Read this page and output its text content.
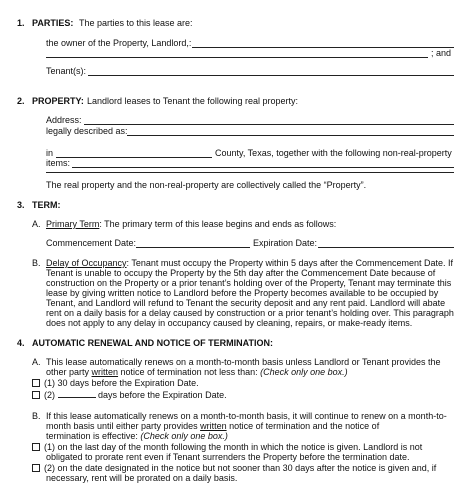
1. PARTIES: The parties to this lease are:
the owner of the Property, Landlord,:
; and
Tenant(s):
2. PROPERTY: Landlord leases to Tenant the following real property:
Address:
legally described as:
in	County, Texas, together with the following non-real-property
items:
The real property and the non-real-property are collectively called the “Property”.
3. TERM:
A. Primary Term: The primary term of this lease begins and ends as follows:
Commencement Date:	Expiration Date:
B. Delay of Occupancy: Tenant must occupy the Property within 5 days after the Commencement Date. If
Tenant is unable to occupy the Property by the 5th day after the Commencement Date because of
construction on the Property or a prior tenant’s holding over of the Property, Tenant may terminate this
lease by giving written notice to Landlord before the Property becomes available to be occupied by
Tenant, and Landlord will refund to Tenant the security deposit and any rent paid. Landlord will abate
rent on a daily basis for a delay caused by construction or a prior tenant’s holding over. This paragraph
does not apply to any delay in occupancy caused by cleaning, repairs, or make-ready items.
4. AUTOMATIC RENEWAL AND NOTICE OF TERMINATION:
A. This lease automatically renews on a month-to-month basis unless Landlord or Tenant provides the
other party written notice of termination not less than: (Check only one box.)
(1) 30 days before the Expiration Date.
(2)	days before the Expiration Date.
B. If this lease automatically renews on a month-to-month basis, it will continue to renew on a month-to-
month basis until either party provides written notice of termination and the notice of
termination is effective: (Check only one box.)
(1) on the last day of the month following the month in which the notice is given. Landlord is not
obligated to prorate rent even if Tenant surrenders the Property before the termination date.
(2) on the date designated in the notice but not sooner than 30 days after the notice is given and, if
necessary, rent will be prorated on a daily basis.
